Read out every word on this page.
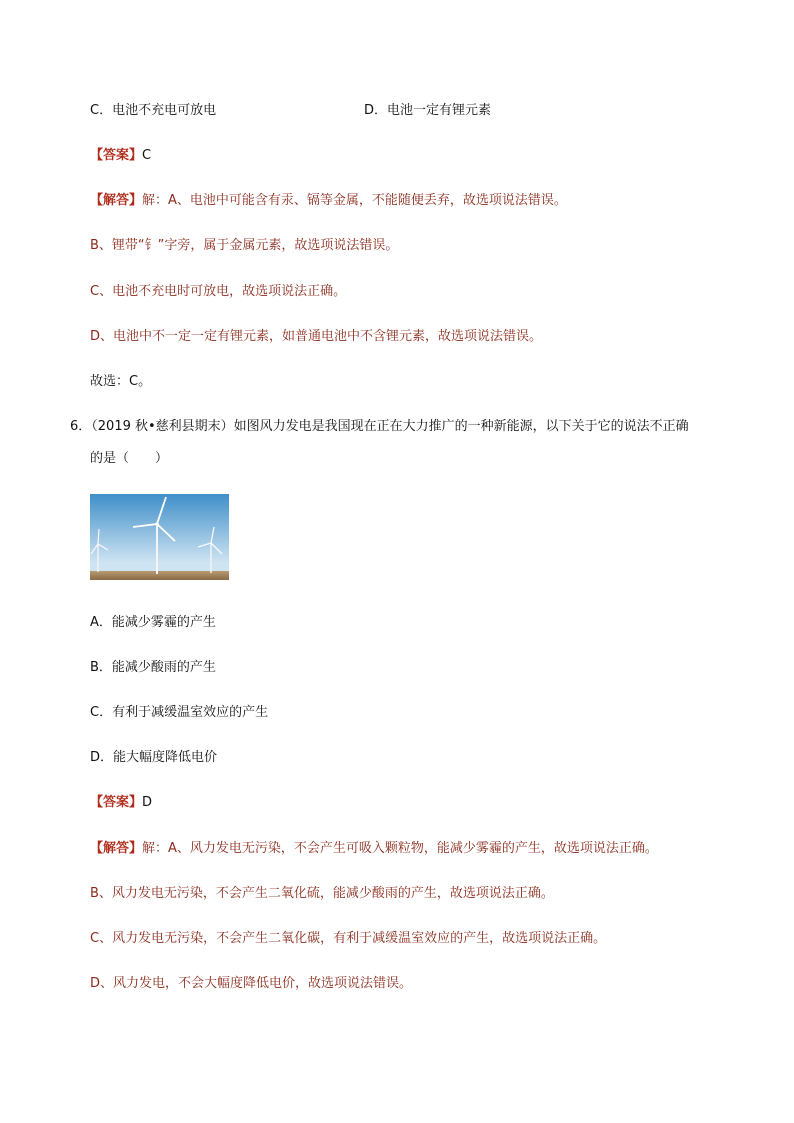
C．电池不充电可放电	D．电池一定有锂元素
【答案】C
【解答】解：A、电池中可能含有汞、镉等金属，不能随便丢弃，故选项说法错误。
B、锂带“钅”字旁，属于金属元素，故选项说法错误。
C、电池不充电时可放电，故选项说法正确。
D、电池中不一定一定有锂元素，如普通电池中不含锂元素，故选项说法错误。
故选：C。
6．（2019 秋•慈利县期末）如图风力发电是我国现在正在大力推广的一种新能源，以下关于它的说法不正确
的是（　　）
A．能减少雾霾的产生
B．能减少酸雨的产生
C．有利于减缓温室效应的产生
D．能大幅度降低电价
【答案】D
【解答】解：A、风力发电无污染，不会产生可吸入颗粒物，能减少雾霾的产生，故选项说法正确。
B、风力发电无污染，不会产生二氧化硫，能减少酸雨的产生，故选项说法正确。
C、风力发电无污染，不会产生二氧化碳，有利于减缓温室效应的产生，故选项说法正确。
D、风力发电，不会大幅度降低电价，故选项说法错误。
